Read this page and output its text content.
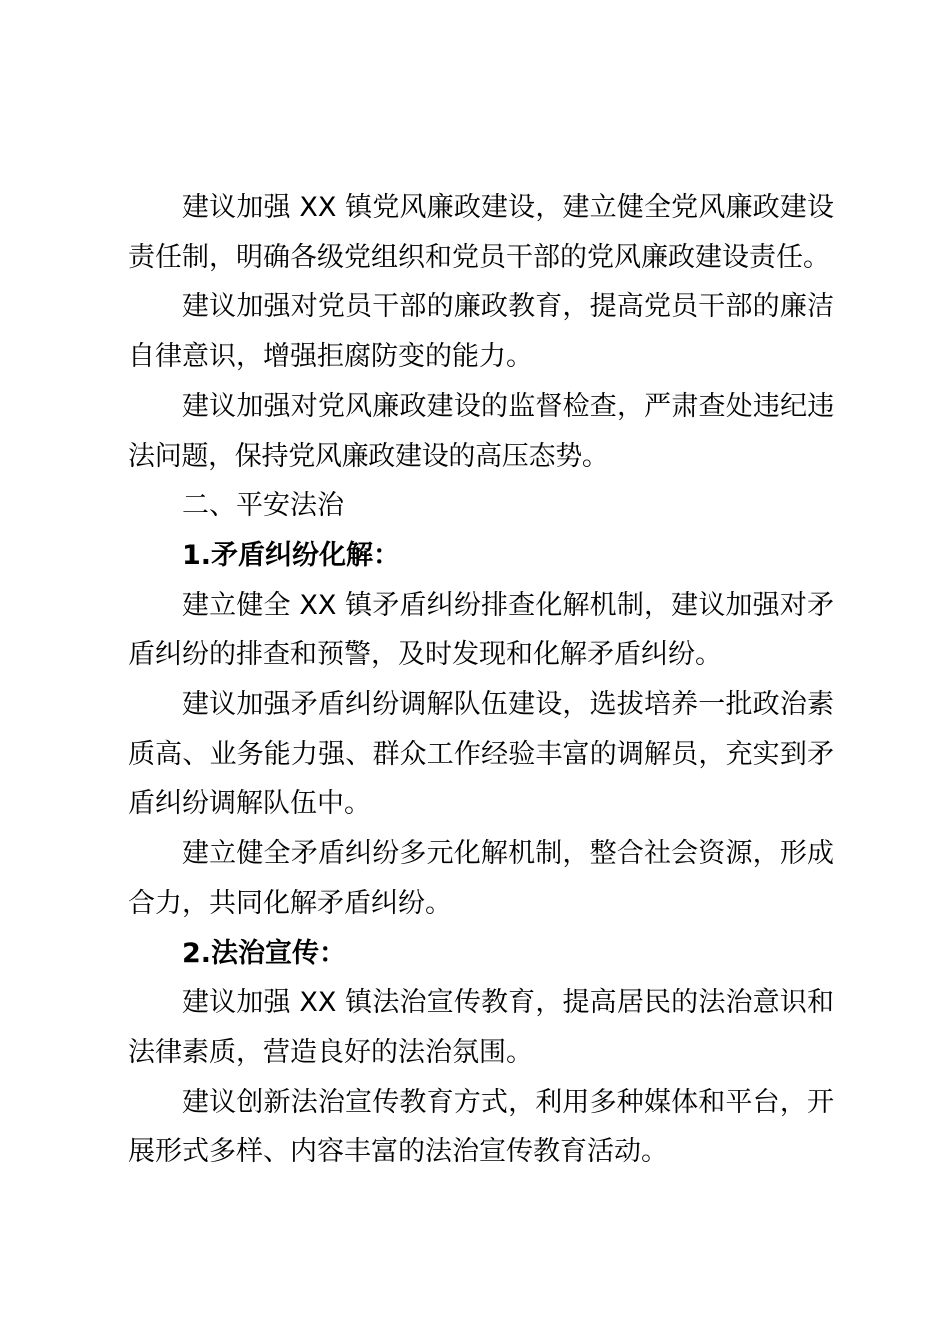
建议加强 XX 镇党风廉政建设，建立健全党风廉政建设责任制，明确各级党组织和党员干部的党风廉政建设责任。

建议加强对党员干部的廉政教育，提高党员干部的廉洁自律意识，增强拒腐防变的能力。

建议加强对党风廉政建设的监督检查，严肃查处违纪违法问题，保持党风廉政建设的高压态势。

二、平安法治

1.矛盾纠纷化解：

建立健全 XX 镇矛盾纠纷排查化解机制，建议加强对矛盾纠纷的排查和预警，及时发现和化解矛盾纠纷。

建议加强矛盾纠纷调解队伍建设，选拔培养一批政治素质高、业务能力强、群众工作经验丰富的调解员，充实到矛盾纠纷调解队伍中。

建立健全矛盾纠纷多元化解机制，整合社会资源，形成合力，共同化解矛盾纠纷。

2.法治宣传：

建议加强 XX 镇法治宣传教育，提高居民的法治意识和法律素质，营造良好的法治氛围。

建议创新法治宣传教育方式，利用多种媒体和平台，开展形式多样、内容丰富的法治宣传教育活动。
